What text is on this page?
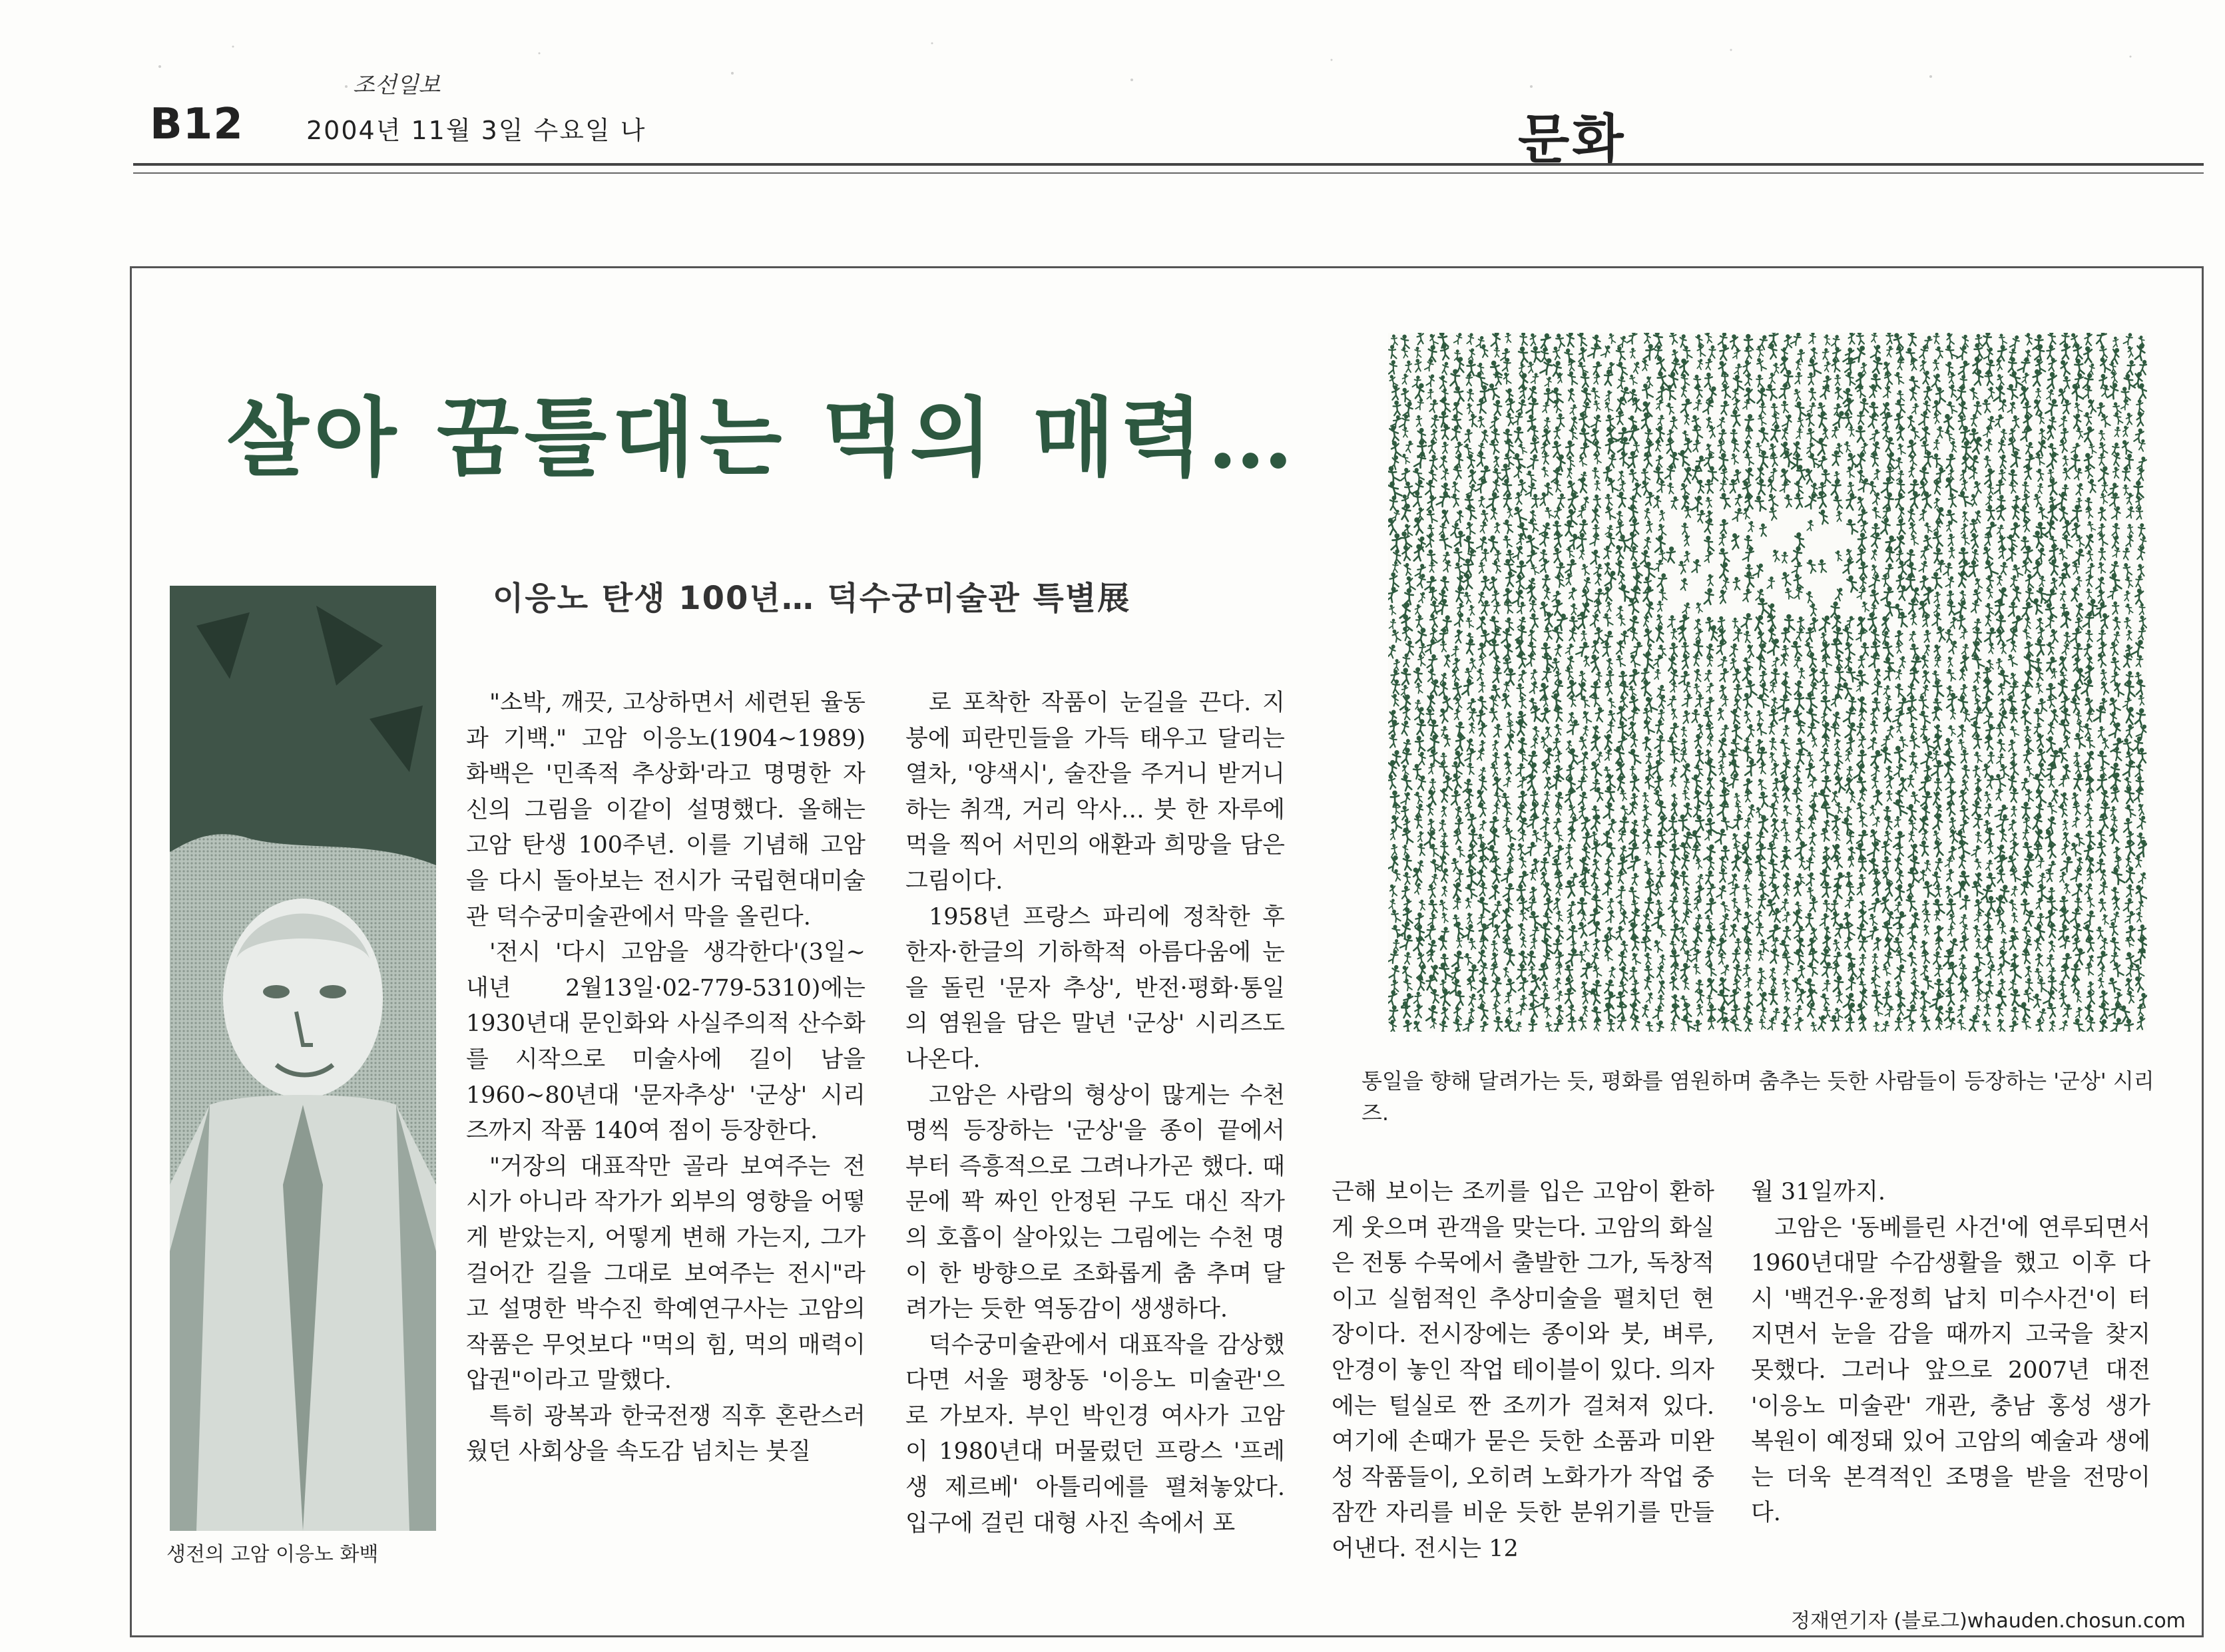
B12
조선일보
2004년 11월 3일 수요일 나	문화
살아 꿈틀대는 먹의 매력…
이응노 탄생 100년… 덕수궁미술관 특별展
생전의 고암 이응노 화백

"소박, 깨끗, 고상하면서 세련된 율동과 기백." 고암 이응노(1904~1989) 화백은 '민족적 추상화'라고 명명한 자신의 그림을 이같이 설명했다. 올해는 고암 탄생 100주년. 이를 기념해 고암을 다시 돌아보는 전시가 국립현대미술관 덕수궁미술관에서 막을 올린다.

'전시 '다시 고암을 생각한다'(3일~내년 2월13일·02-779-5310)에는 1930년대 문인화와 사실주의적 산수화를 시작으로 미술사에 길이 남을 1960~80년대 '문자추상' '군상' 시리즈까지 작품 140여 점이 등장한다.

"거장의 대표작만 골라 보여주는 전시가 아니라 작가가 외부의 영향을 어떻게 받았는지, 어떻게 변해 가는지, 그가 걸어간 길을 그대로 보여주는 전시"라고 설명한 박수진 학예연구사는 고암의 작품은 무엇보다 "먹의 힘, 먹의 매력이 압권"이라고 말했다.

특히 광복과 한국전쟁 직후 혼란스러웠던 사회상을 속도감 넘치는 붓질

로 포착한 작품이 눈길을 끈다. 지붕에 피란민들을 가득 태우고 달리는 열차, '양색시', 술잔을 주거니 받거니 하는 취객, 거리 악사… 붓 한 자루에 먹을 찍어 서민의 애환과 희망을 담은 그림이다.

1958년 프랑스 파리에 정착한 후 한자·한글의 기하학적 아름다움에 눈을 돌린 '문자 추상', 반전·평화·통일의 염원을 담은 말년 '군상' 시리즈도 나온다.

고암은 사람의 형상이 많게는 수천 명씩 등장하는 '군상'을 종이 끝에서부터 즉흥적으로 그려나가곤 했다. 때문에 꽉 짜인 안정된 구도 대신 작가의 호흡이 살아있는 그림에는 수천 명이 한 방향으로 조화롭게 춤 추며 달려가는 듯한 역동감이 생생하다.

덕수궁미술관에서 대표작을 감상했다면 서울 평창동 '이응노 미술관'으로 가보자. 부인 박인경 여사가 고암이 1980년대 머물렀던 프랑스 '프레 생 제르베' 아틀리에를 펼쳐놓았다. 입구에 걸린 대형 사진 속에서 포

근해 보이는 조끼를 입은 고암이 환하게 웃으며 관객을 맞는다. 고암의 화실은 전통 수묵에서 출발한 그가, 독창적이고 실험적인 추상미술을 펼치던 현장이다. 전시장에는 종이와 붓, 벼루, 안경이 놓인 작업 테이블이 있다. 의자에는 털실로 짠 조끼가 걸쳐져 있다. 여기에 손때가 묻은 듯한 소품과 미완성 작품들이, 오히려 노화가가 작업 중 잠깐 자리를 비운 듯한 분위기를 만들어낸다. 전시는 12

월 31일까지.

고암은 '동베를린 사건'에 연루되면서 1960년대말 수감생활을 했고 이후 다시 '백건우·윤정희 납치 미수사건'이 터지면서 눈을 감을 때까지 고국을 찾지 못했다. 그러나 앞으로 2007년 대전 '이응노 미술관' 개관, 충남 홍성 생가 복원이 예정돼 있어 고암의 예술과 생에는 더욱 본격적인 조명을 받을 전망이다.

정재연기자 (블로그)whauden.chosun.com
통일을 향해 달려가는 듯, 평화를 염원하며 춤추는 듯한 사람들이 등장하는 '군상' 시리즈.
